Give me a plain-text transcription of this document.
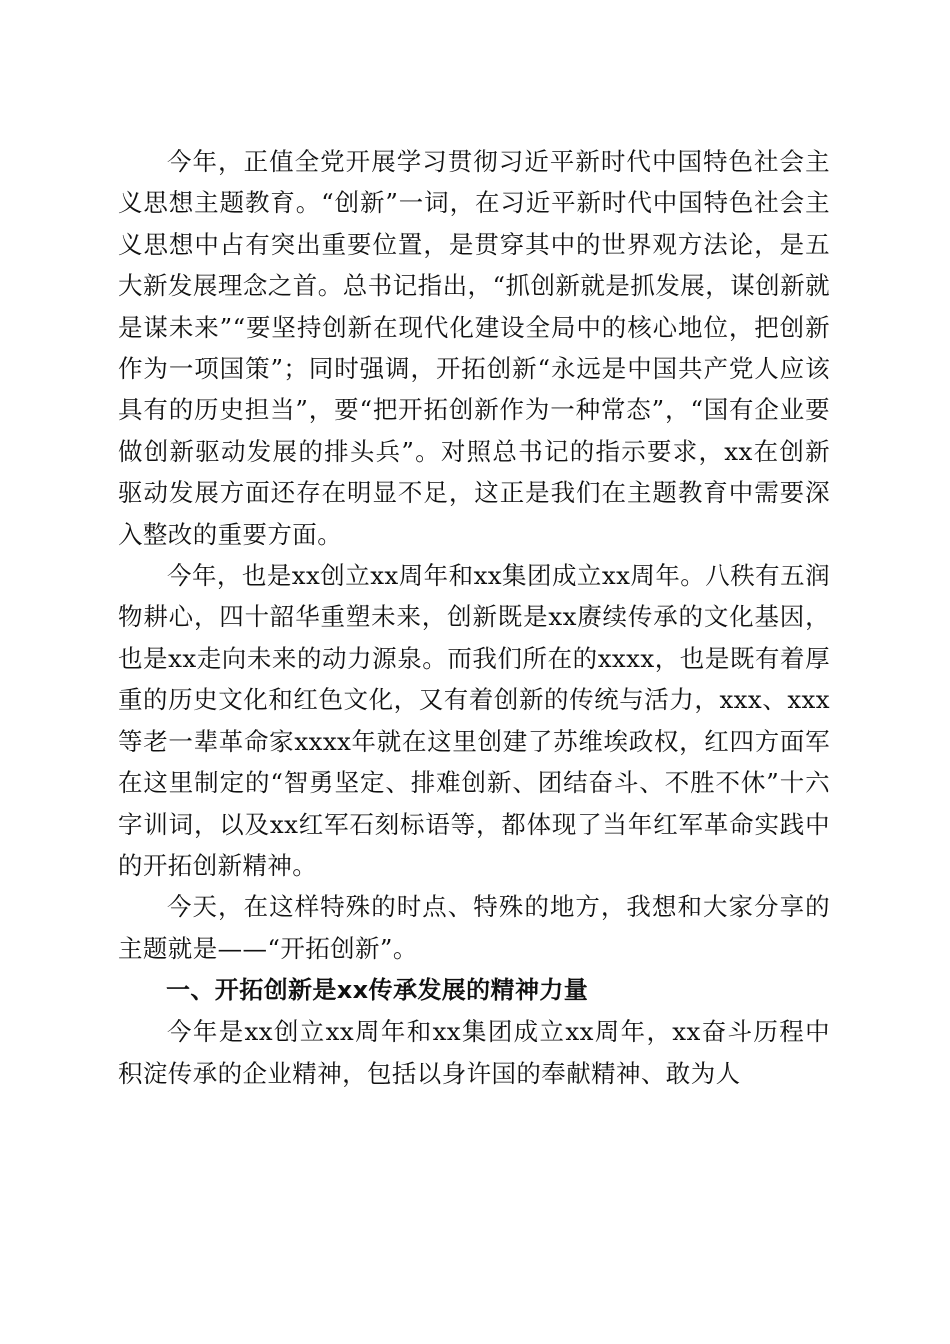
今年，正值全党开展学习贯彻习近平新时代中国特色社会主义思想主题教育。“创新”一词，在习近平新时代中国特色社会主义思想中占有突出重要位置，是贯穿其中的世界观方法论，是五大新发展理念之首。总书记指出，“抓创新就是抓发展，谋创新就是谋未来”“要坚持创新在现代化建设全局中的核心地位，把创新作为一项国策”；同时强调，开拓创新“永远是中国共产党人应该具有的历史担当”，要“把开拓创新作为一种常态”，“国有企业要做创新驱动发展的排头兵”。对照总书记的指示要求，xx在创新驱动发展方面还存在明显不足，这正是我们在主题教育中需要深入整改的重要方面。

今年，也是xx创立xx周年和xx集团成立xx周年。八秩有五润物耕心，四十韶华重塑未来，创新既是xx赓续传承的文化基因，也是xx走向未来的动力源泉。而我们所在的xxxx，也是既有着厚重的历史文化和红色文化，又有着创新的传统与活力，xxx、xxx等老一辈革命家xxxx年就在这里创建了苏维埃政权，红四方面军在这里制定的“智勇坚定、排难创新、团结奋斗、不胜不休”十六字训词，以及xx红军石刻标语等，都体现了当年红军革命实践中的开拓创新精神。

今天，在这样特殊的时点、特殊的地方，我想和大家分享的主题就是——“开拓创新”。

一、开拓创新是xx传承发展的精神力量

今年是xx创立xx周年和xx集团成立xx周年，xx奋斗历程中积淀传承的企业精神，包括以身许国的奉献精神、敢为人
